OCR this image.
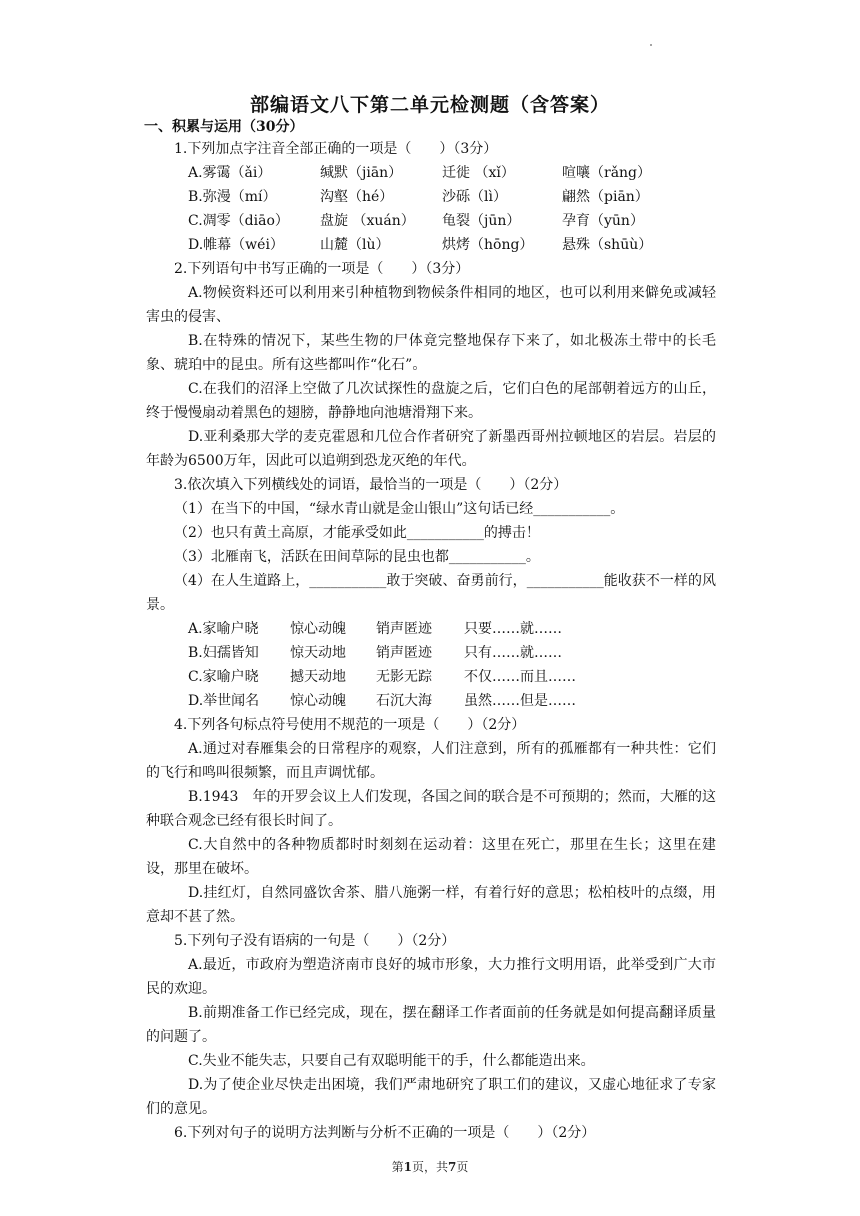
部编语文八下第二单元检测题（含答案）
一、积累与运用（30分）
1.下列加点字注音全部正确的一项是（　　）（3分）
A.雾霭（ǎi）	缄默（jiān）	迁徙 （xǐ）	喧嚷（rǎng）
B.弥漫（mí）	沟壑（hé）	沙砾（lì）	翩然（piān）
C.凋零（diāo）	盘旋 （xuán）	龟裂（jūn）	孕育（yūn）
D.帷幕（wéi）	山麓（lù）	烘烤（hōng）	悬殊（shūù）
2.下列语句中书写正确的一项是（　　）（3分）

A.物候资料还可以利用来引种植物到物候条件相同的地区，也可以利用来僻免或减轻害虫的侵害、

B.在特殊的情况下，某些生物的尸体竟完整地保存下来了，如北极冻土带中的长毛象、琥珀中的昆虫。所有这些都叫作“化石”。

C.在我们的沼泽上空做了几次试探性的盘旋之后，它们白色的尾部朝着远方的山丘，终于慢慢扇动着黑色的翅膀，静静地向池塘滑翔下来。

D.亚利桑那大学的麦克霍恩和几位合作者研究了新墨西哥州拉顿地区的岩层。岩层的年龄为6500万年，因此可以追朔到恐龙灭绝的年代。

3.依次填入下列横线处的词语，最恰当的一项是（　　）（2分）
（1）在当下的中国，“绿水青山就是金山银山”这句话已经___________。
（2）也只有黄土高原，才能承受如此___________的搏击！
（3）北雁南飞，活跃在田间草际的昆虫也都___________。

（4）在人生道路上，___________敢于突破、奋勇前行，___________能收获不一样的风景。

A.家喻户晓	惊心动魄	销声匿迹	只要……就……
B.妇孺皆知	惊天动地	销声匿迹	只有……就……
C.家喻户晓	撼天动地	无影无踪	不仅……而且……
D.举世闻名	惊心动魄	石沉大海	虽然……但是……
4.下列各句标点符号使用不规范的一项是（　　）（2分）

A.通过对春雁集会的日常程序的观察，人们注意到，所有的孤雁都有一种共性：它们的飞行和鸣叫很频繁，而且声调忧郁。

B.1943　年的开罗会议上人们发现，各国之间的联合是不可预期的；然而，大雁的这种联合观念已经有很长时间了。

C.大自然中的各种物质都时时刻刻在运动着：这里在死亡，那里在生长；这里在建设，那里在破坏。

D.挂红灯，自然同盛饮舍茶、腊八施粥一样，有着行好的意思；松柏枝叶的点缀，用意却不甚了然。

5.下列句子没有语病的一句是（　　）（2分）

A.最近，市政府为塑造济南市良好的城市形象，大力推行文明用语，此举受到广大市民的欢迎。

B.前期准备工作已经完成，现在，摆在翻译工作者面前的任务就是如何提高翻译质量的问题了。

C.失业不能失志，只要自己有双聪明能干的手，什么都能造出来。

D.为了使企业尽快走出困境，我们严肃地研究了职工们的建议，又虚心地征求了专家们的意见。

6.下列对句子的说明方法判断与分析不正确的一项是（　　）（2分）
第1页，共7页
